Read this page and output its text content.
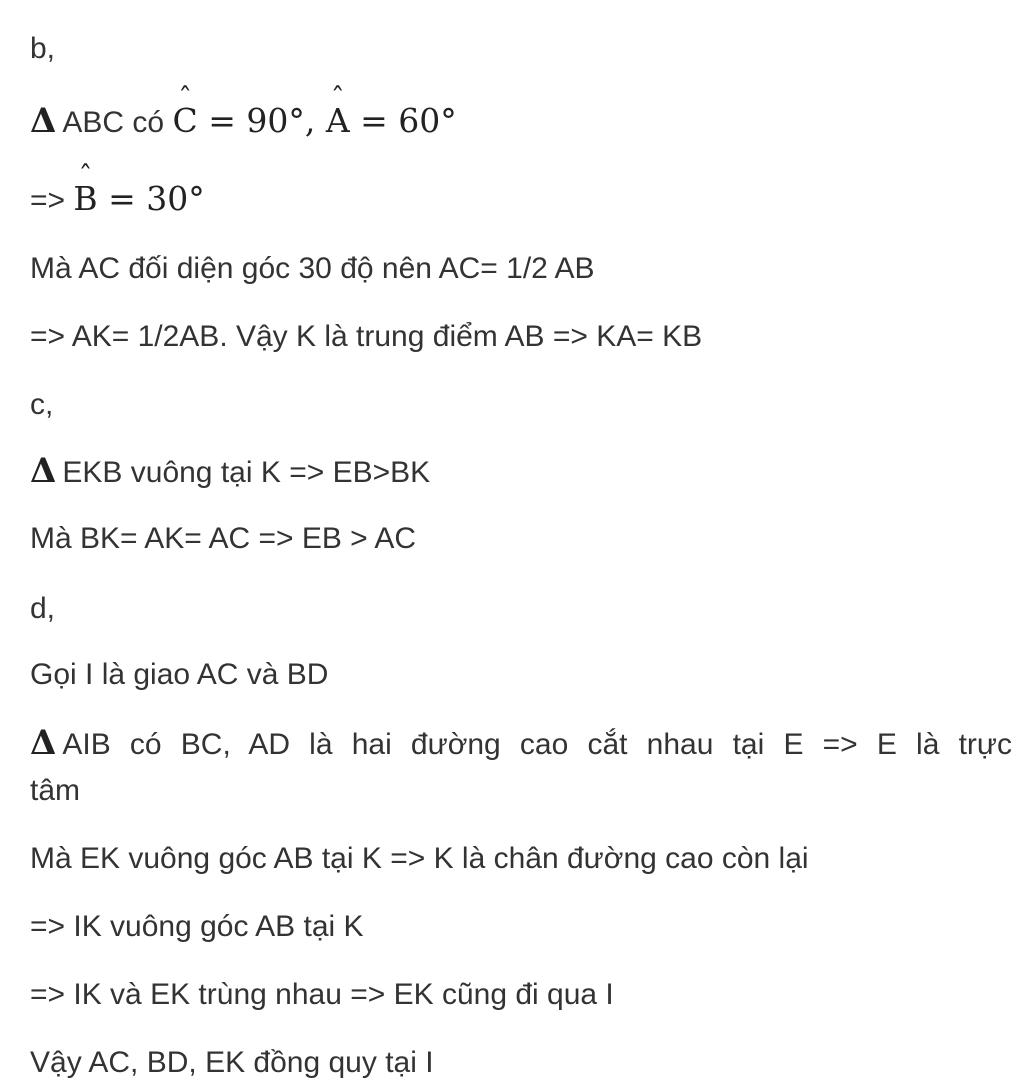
b,
Δ ABC có ˆ C = 90°, ˆ A = 60°
=> ˆ B = 30°
Mà AC đối diện góc 30 độ nên AC= 1/2 AB
=> AK= 1/2AB. Vậy K là trung điểm AB => KA= KB
c,
Δ EKB vuông tại K => EB>BK
Mà BK= AK= AC => EB > AC
d,
Gọi I là giao AC và BD
Δ AIB có BC, AD là hai đường cao cắt nhau tại E => E là trực
tâm
Mà EK vuông góc AB tại K => K là chân đường cao còn lại
=> IK vuông góc AB tại K
=> IK và EK trùng nhau => EK cũng đi qua I
Vậy AC, BD, EK đồng quy tại I
